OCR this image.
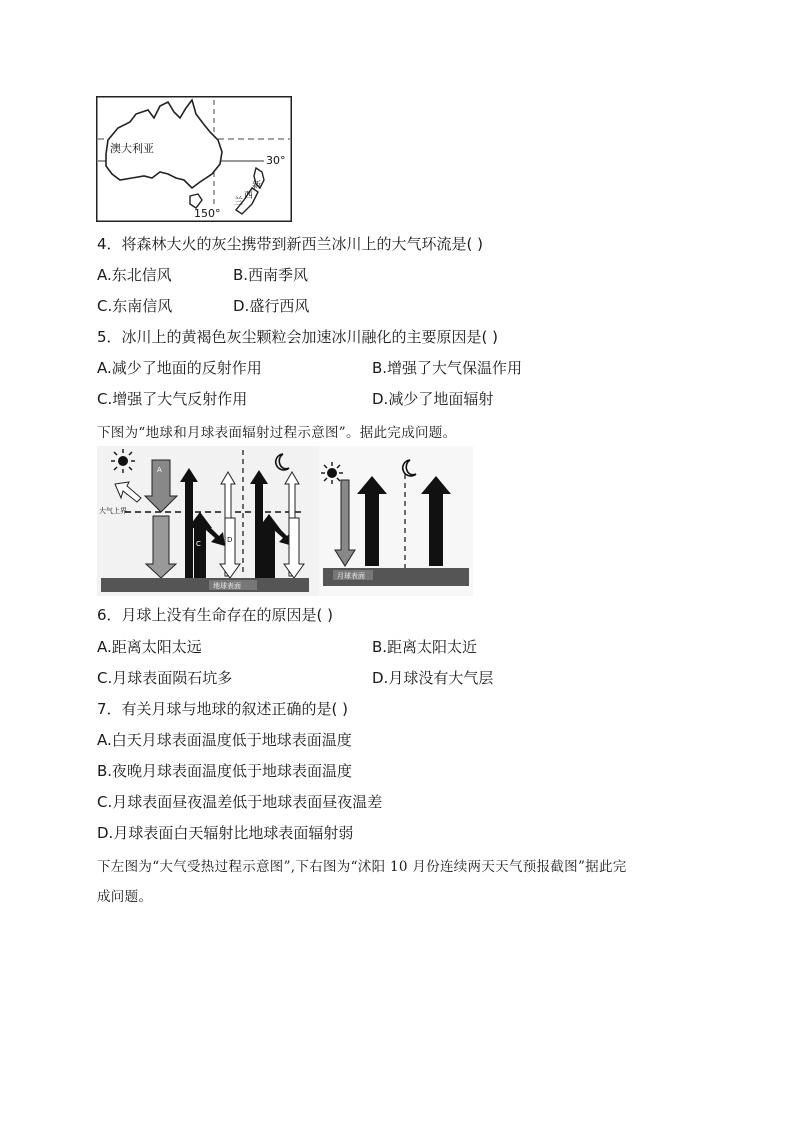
澳大利亚
30°
新
西
兰
150°
4．将森林大火的灰尘携带到新西兰冰川上的大气环流是( )
A.东北信风	B.西南季风
C.东南信风	D.盛行西风
5．冰川上的黄褐色灰尘颗粒会加速冰川融化的主要原因是( )
A.减少了地面的反射作用	B.增强了大气保温作用
C.增强了大气反射作用	D.减少了地面辐射
下图为“地球和月球表面辐射过程示意图”。据此完成问题。
大气上界
A
C	D
地球表面
月球表面
6．月球上没有生命存在的原因是( )
A.距离太阳太远	B.距离太阳太近
C.月球表面陨石坑多	D.月球没有大气层
7．有关月球与地球的叙述正确的是( )
A.白天月球表面温度低于地球表面温度
B.夜晚月球表面温度低于地球表面温度
C.月球表面昼夜温差低于地球表面昼夜温差
D.月球表面白天辐射比地球表面辐射弱
下左图为“大气受热过程示意图”,下右图为“沭阳 10 月份连续两天天气预报截图”据此完
成问题。
